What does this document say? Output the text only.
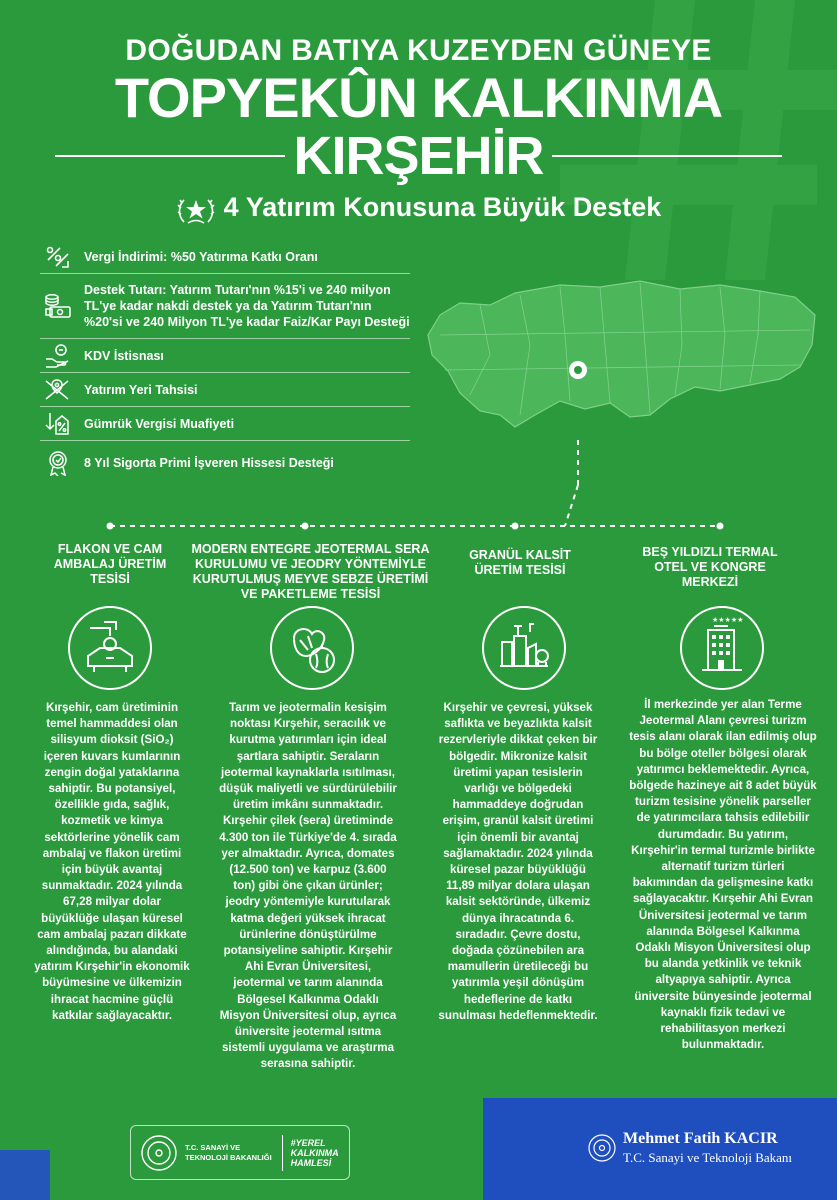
DOĞUDAN BATIYA KUZEYDEN GÜNEYE
TOPYEKÛN KALKINMA
KIRŞEHİR
4 Yatırım Konusuna Büyük Destek
Vergi İndirimi: %50 Yatırıma Katkı Oranı
Destek Tutarı: Yatırım Tutarı'nın %15'i ve 240 milyon TL'ye kadar nakdi destek ya da Yatırım Tutarı'nın %20'si ve 240 Milyon TL'ye kadar Faiz/Kar Payı Desteği
KDV İstisnası
Yatırım Yeri Tahsisi
Gümrük Vergisi Muafiyeti
8 Yıl Sigorta Primi İşveren Hissesi Desteği
FLAKON VE CAM AMBALAJ ÜRETİM TESİSİ
MODERN ENTEGRE JEOTERMAL SERA KURULUMU VE JEODRY YÖNTEMİYLE KURUTULMUŞ MEYVE SEBZE ÜRETİMİ VE PAKETLEME TESİSİ
GRANÜL KALSİT ÜRETİM TESİSİ
BEŞ YILDIZLI TERMAL OTEL VE KONGRE MERKEZİ
★★★★★
Kırşehir, cam üretiminin temel hammaddesi olan silisyum dioksit (SiO₂) içeren kuvars kumlarının zengin doğal yataklarına sahiptir. Bu potansiyel, özellikle gıda, sağlık, kozmetik ve kimya sektörlerine yönelik cam ambalaj ve flakon üretimi için büyük avantaj sunmaktadır. 2024 yılında 67,28 milyar dolar büyüklüğe ulaşan küresel cam ambalaj pazarı dikkate alındığında, bu alandaki yatırım Kırşehir'in ekonomik büyümesine ve ülkemizin ihracat hacmine güçlü katkılar sağlayacaktır.
Tarım ve jeotermalin kesişim noktası Kırşehir, seracılık ve kurutma yatırımları için ideal şartlara sahiptir. Seraların jeotermal kaynaklarla ısıtılması, düşük maliyetli ve sürdürülebilir üretim imkânı sunmaktadır. Kırşehir çilek (sera) üretiminde 4.300 ton ile Türkiye'de 4. sırada yer almaktadır. Ayrıca, domates (12.500 ton) ve karpuz (3.600 ton) gibi öne çıkan ürünler; jeodry yöntemiyle kurutularak katma değeri yüksek ihracat ürünlerine dönüştürülme potansiyeline sahiptir. Kırşehir Ahi Evran Üniversitesi, jeotermal ve tarım alanında Bölgesel Kalkınma Odaklı Misyon Üniversitesi olup, ayrıca üniversite jeotermal ısıtma sistemli uygulama ve araştırma serasına sahiptir.
Kırşehir ve çevresi, yüksek saflıkta ve beyazlıkta kalsit rezervleriyle dikkat çeken bir bölgedir. Mikronize kalsit üretimi yapan tesislerin varlığı ve bölgedeki hammaddeye doğrudan erişim, granül kalsit üretimi için önemli bir avantaj sağlamaktadır. 2024 yılında küresel pazar büyüklüğü 11,89 milyar dolara ulaşan kalsit sektöründe, ülkemiz dünya ihracatında 6. sıradadır. Çevre dostu, doğada çözünebilen ara mamullerin üretileceği bu yatırımla yeşil dönüşüm hedeflerine de katkı sunulması hedeflenmektedir.
İl merkezinde yer alan Terme Jeotermal Alanı çevresi turizm tesis alanı olarak ilan edilmiş olup bu bölge oteller bölgesi olarak yatırımcı beklemektedir. Ayrıca, bölgede hazineye ait 8 adet büyük turizm tesisine yönelik parseller de yatırımcılara tahsis edilebilir durumdadır. Bu yatırım, Kırşehir'in termal turizmle birlikte alternatif turizm türleri bakımından da gelişmesine katkı sağlayacaktır. Kırşehir Ahi Evran Üniversitesi jeotermal ve tarım alanında Bölgesel Kalkınma Odaklı Misyon Üniversitesi olup bu alanda yetkinlik ve teknik altyapıya sahiptir. Ayrıca üniversite bünyesinde jeotermal kaynaklı fizik tedavi ve rehabilitasyon merkezi bulunmaktadır.
T.C. SANAYİ VE
TEKNOLOJİ BAKANLIĞI
#YEREL
KALKINMA
HAMLESİ
Mehmet Fatih KACIR
T.C. Sanayi ve Teknoloji Bakanı
